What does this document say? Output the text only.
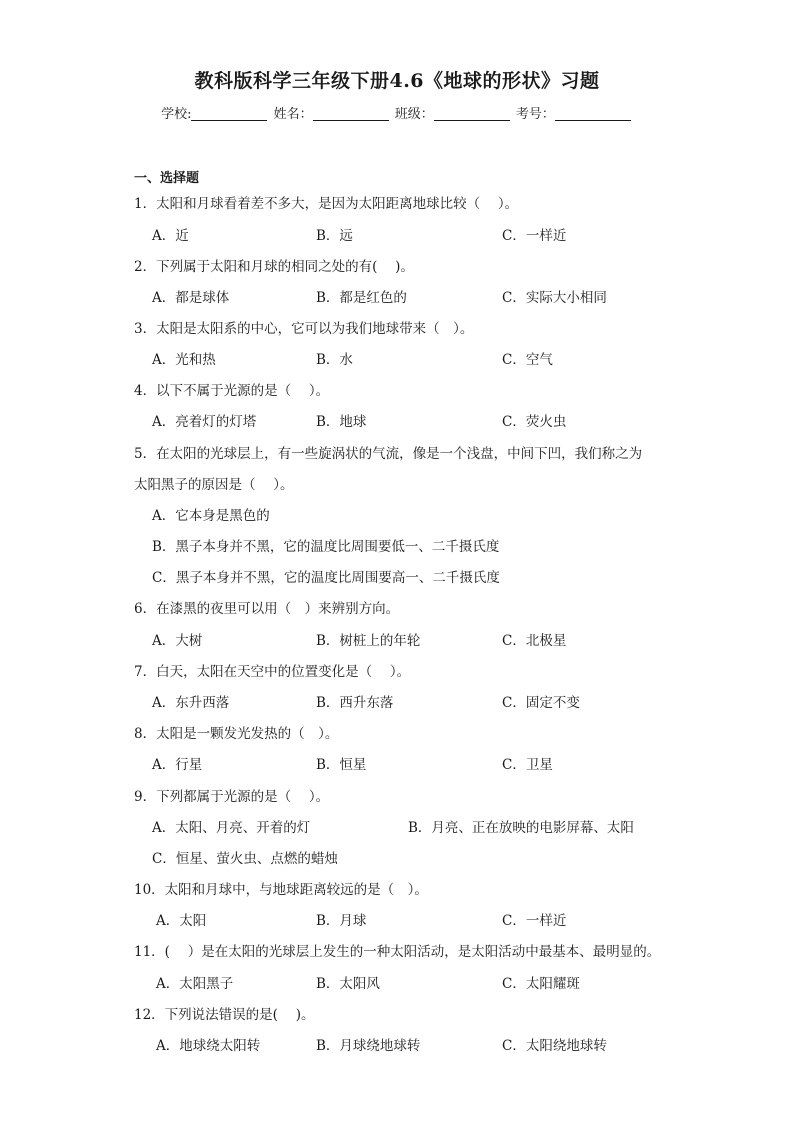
教科版科学三年级下册4.6《地球的形状》习题
学校:	姓名：	班级：	考号：
一、选择题
1．太阳和月球看着差不多大，是因为太阳距离地球比较（　 ）。
A．近	B．远	C．一样近
2．下列属于太阳和月球的相同之处的有(　 )。
A．都是球体	B．都是红色的	C．实际大小相同
3．太阳是太阳系的中心，它可以为我们地球带来（　）。
A．光和热	B．水	C．空气
4．以下不属于光源的是（　 ）。
A．亮着灯的灯塔	B．地球	C．荧火虫
5．在太阳的光球层上，有一些旋涡状的气流，像是一个浅盘，中间下凹，我们称之为
太阳黑子的原因是（　 ）。
A．它本身是黑色的
B．黑子本身并不黑，它的温度比周围要低一、二千摄氏度
C．黑子本身并不黑，它的温度比周围要高一、二千摄氏度
6．在漆黑的夜里可以用（　）来辨别方向。
A．大树	B．树桩上的年轮	C．北极星
7．白天，太阳在天空中的位置变化是（　 ）。
A．东升西落	B．西升东落	C．固定不变
8．太阳是一颗发光发热的（　）。
A．行星	B．恒星	C．卫星
9．下列都属于光源的是（　 ）。
A．太阳、月亮、开着的灯	B．月亮、正在放映的电影屏幕、太阳
C．恒星、萤火虫、点燃的蜡烛
10．太阳和月球中，与地球距离较远的是（　）。
A．太阳	B．月球	C．一样近
11．(　 ）是在太阳的光球层上发生的一种太阳活动，是太阳活动中最基本、最明显的。
A．太阳黑子	B．太阳风	C．太阳耀斑
12．下列说法错误的是(　 )。
A．地球绕太阳转	B．月球绕地球转	C．太阳绕地球转
